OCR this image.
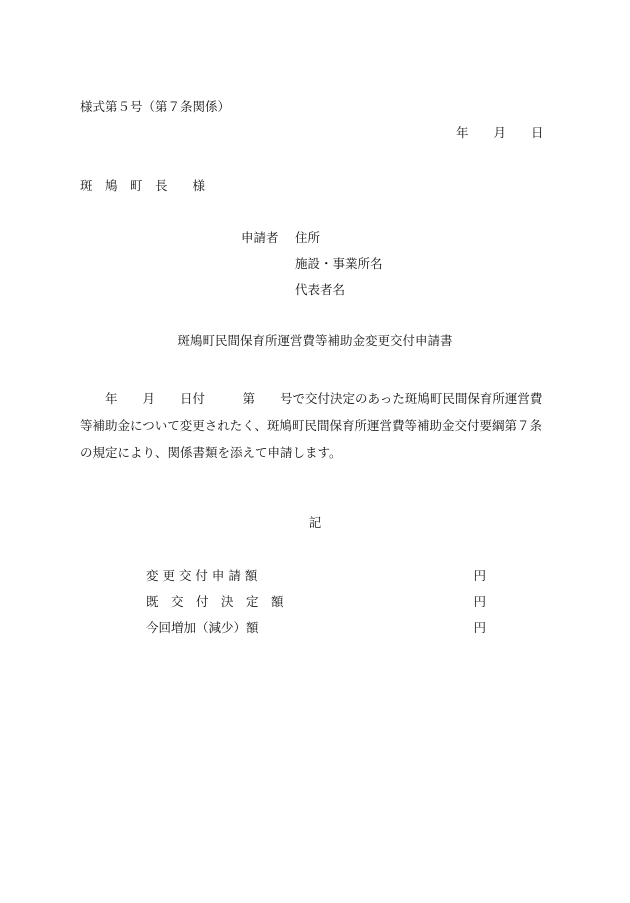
様式第５号（第７条関係）
年　　月　　日
斑　鳩　町　長　　様
申請者 住所
施設・事業所名
代表者名
斑鳩町民間保育所運営費等補助金変更交付申請書

　　年　　月　　日付　　　第　　号で交付決定のあった斑鳩町民間保育所運営費等補助金について変更されたく、斑鳩町民間保育所運営費等補助金交付要綱第７条の規定により、関係書類を添えて申請します。

記
変 更 交 付 申 請 額	円
既　交　付　決　定　額	円
今回増加（減少）額	円
